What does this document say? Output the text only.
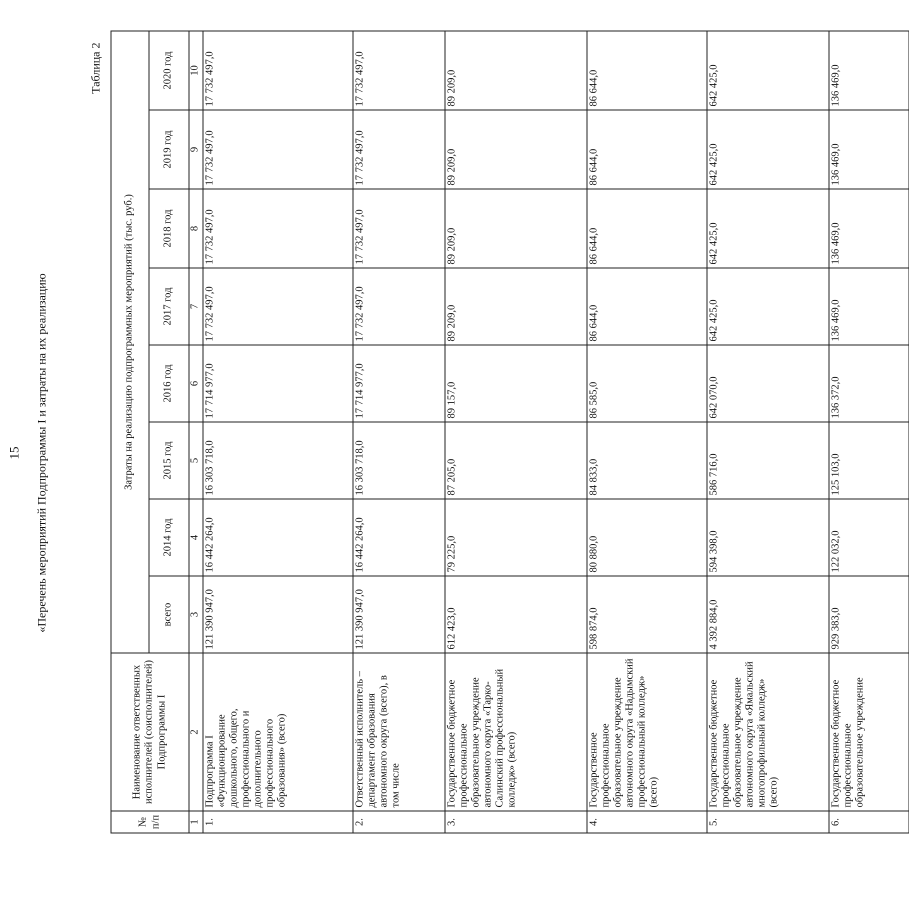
15 «Перечень мероприятий Подпрограммы I и затраты на их реализацию
Таблица 2
№ п/п	Наименование ответственных исполнителей (соисполнителей) Подпрограммы I	Затраты на реализацию подпрограммных мероприятий (тыс. руб.)							
		всего	2014 год	2015 год	2016 год	2017 год	2018 год	2019 год	2020 год
1	2	3	4	5	6	7	8	9	10
1.	Подпрограмма I «Функционирование дошкольного, общего, профессионального и дополнительного профессионального образования» (всего)	121 390 947,0	16 442 264,0	16 303 718,0	17 714 977,0	17 732 497,0	17 732 497,0	17 732 497,0	17 732 497,0
2.	Ответственный исполнитель – департамент образования автономного округа (всего), в том числе	121 390 947,0	16 442 264,0	16 303 718,0	17 714 977,0	17 732 497,0	17 732 497,0	17 732 497,0	17 732 497,0
3.	Государственное бюджетное профессиональное образовательное учреждение автономного округа «Тарко-Салинский профессиональный колледж» (всего)	612 423,0	79 225,0	87 205,0	89 157,0	89 209,0	89 209,0	89 209,0	89 209,0
4.	Государственное профессиональное образовательное учреждение автономного округа «Надымский профессиональный колледж» (всего)	598 874,0	80 880,0	84 833,0	86 585,0	86 644,0	86 644,0	86 644,0	86 644,0
5.	Государственное бюджетное профессиональное образовательное учреждение автономного округа «Ямальский многопрофильный колледж» (всего)	4 392 884,0	594 398,0	586 716,0	642 070,0	642 425,0	642 425,0	642 425,0	642 425,0
6.	Государственное бюджетное профессиональное образовательное учреждение	929 383,0	122 032,0	125 103,0	136 372,0	136 469,0	136 469,0	136 469,0	136 469,0
